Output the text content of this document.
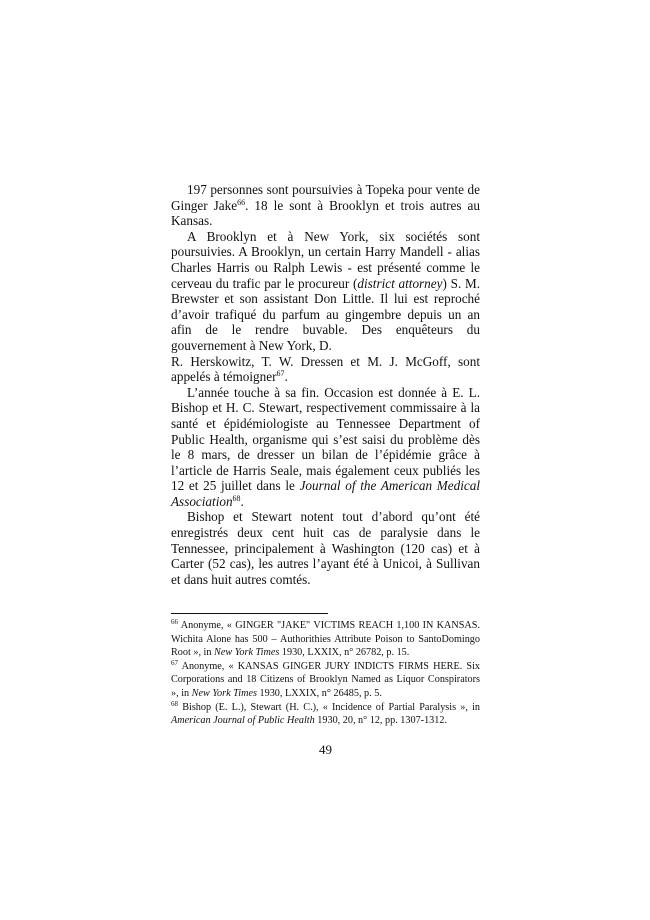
197 personnes sont poursuivies à Topeka pour vente de Ginger Jake$^{66}$. 18 le sont à Brooklyn et trois autres au Kansas.

A Brooklyn et à New York, six sociétés sont poursuivies. A Brooklyn, un certain Harry Mandell - alias Charles Harris ou Ralph Lewis - est présenté comme le cerveau du trafic par le procureur (district attorney) S. M. Brewster et son assistant Don Little. Il lui est reproché d’avoir trafiqué du parfum au gingembre depuis un an afin de le rendre buvable. Des enquêteurs du gouvernement à New York, D.

R. Herskowitz, T. W. Dressen et M. J. McGoff, sont appelés à témoigner$^{67}$.

L’année touche à sa fin. Occasion est donnée à E. L. Bishop et H. C. Stewart, respectivement commissaire à la santé et épidémiologiste au Tennessee Department of Public Health, organisme qui s’est saisi du problème dès le 8 mars, de dresser un bilan de l’épidémie grâce à l’article de Harris Seale, mais également ceux publiés les 12 et 25 juillet dans le Journal of the American Medical Association$^{68}$.

Bishop et Stewart notent tout d’abord qu’ont été enregistrés deux cent huit cas de paralysie dans le Tennessee, principalement à Washington (120 cas) et à Carter (52 cas), les autres l’ayant été à Unicoi, à Sullivan et dans huit autres comtés.

$^{66}$ Anonyme, « GINGER "JAKE" VICTIMS REACH 1,100 IN KANSAS. Wichita Alone has 500 – Authorithies Attribute Poison to SantoDomingo Root », in New York Times 1930, LXXIX, n° 26782, p. 15.

$^{67}$ Anonyme, « KANSAS GINGER JURY INDICTS FIRMS HERE. Six Corporations and 18 Citizens of Brooklyn Named as Liquor Conspirators », in New York Times 1930, LXXIX, n° 26485, p. 5.

$^{68}$ Bishop (E. L.), Stewart (H. C.), « Incidence of Partial Paralysis », in American Journal of Public Health 1930, 20, n° 12, pp. 1307-1312.

49
